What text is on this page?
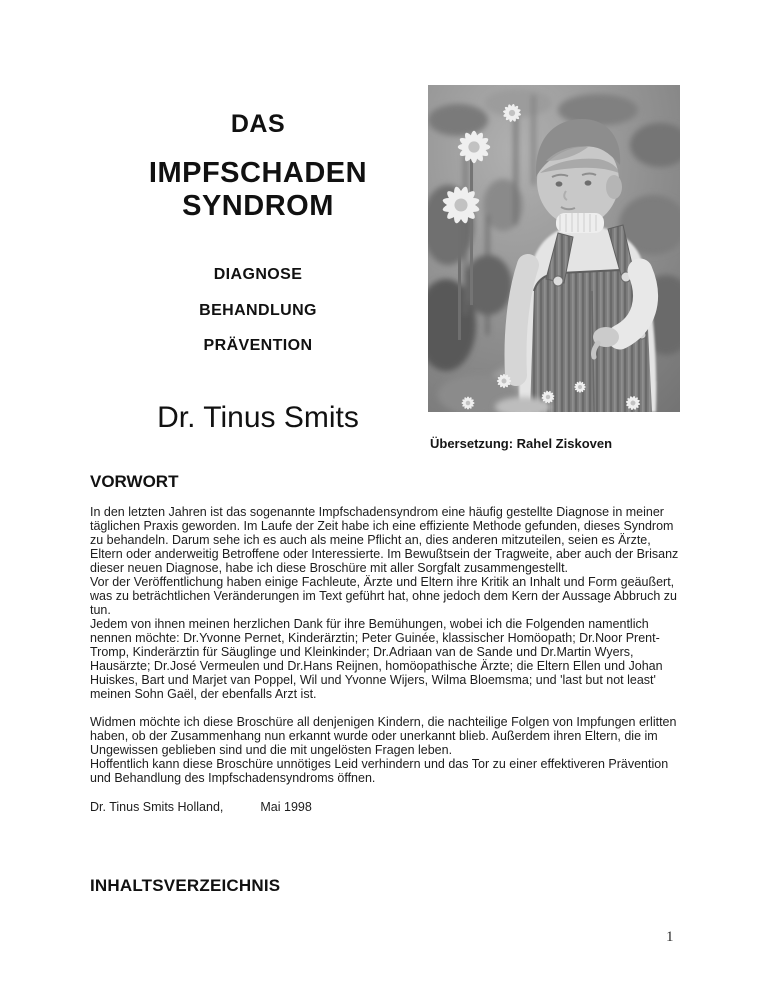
DAS
IMPFSCHADEN
SYNDROM
DIAGNOSE
BEHANDLUNG
PRÄVENTION
Dr. Tinus Smits
Übersetzung: Rahel Ziskoven
VORWORT

In den letzten Jahren ist das sogenannte Impfschadensyndrom eine häufig gestellte Diagnose in meiner täglichen Praxis geworden. Im Laufe der Zeit habe ich eine effiziente Methode gefunden, dieses Syndrom zu behandeln. Darum sehe ich es auch als meine Pflicht an, dies anderen mitzuteilen, seien es Ärzte, Eltern oder anderweitig Betroffene oder Interessierte. Im Bewußtsein der Tragweite, aber auch der Brisanz dieser neuen Diagnose, habe ich diese Broschüre mit aller Sorgfalt zusammengestellt.

Vor der Veröffentlichung haben einige Fachleute, Ärzte und Eltern ihre Kritik an Inhalt und Form geäußert, was zu beträchtlichen Veränderungen im Text geführt hat, ohne jedoch dem Kern der Aussage Abbruch zu tun.

Jedem von ihnen meinen herzlichen Dank für ihre Bemühungen, wobei ich die Folgenden namentlich nennen möchte: Dr.Yvonne Pernet, Kinderärztin; Peter Guinée, klassischer Homöopath; Dr.Noor Prent-Tromp, Kinderärztin für Säuglinge und Kleinkinder; Dr.Adriaan van de Sande und Dr.Martin Wyers, Hausärzte; Dr.José Vermeulen und Dr.Hans Reijnen, homöopathische Ärzte; die Eltern Ellen und Johan Huiskes, Bart und Marjet van Poppel, Wil und Yvonne Wijers, Wilma Bloemsma; und 'last but not least' meinen Sohn Gaël, der ebenfalls Arzt ist.

Widmen möchte ich diese Broschüre all denjenigen Kindern, die nachteilige Folgen von Impfungen erlitten haben, ob der Zusammenhang nun erkannt wurde oder unerkannt blieb. Außerdem ihren Eltern, die im Ungewissen geblieben sind und die mit ungelösten Fragen leben.

Hoffentlich kann diese Broschüre unnötiges Leid verhindern und das Tor zu einer effektiveren Prävention und Behandlung des Impfschadensyndroms öffnen.

Dr. Tinus Smits Holland,	Mai 1998
INHALTSVERZEICHNIS
1
